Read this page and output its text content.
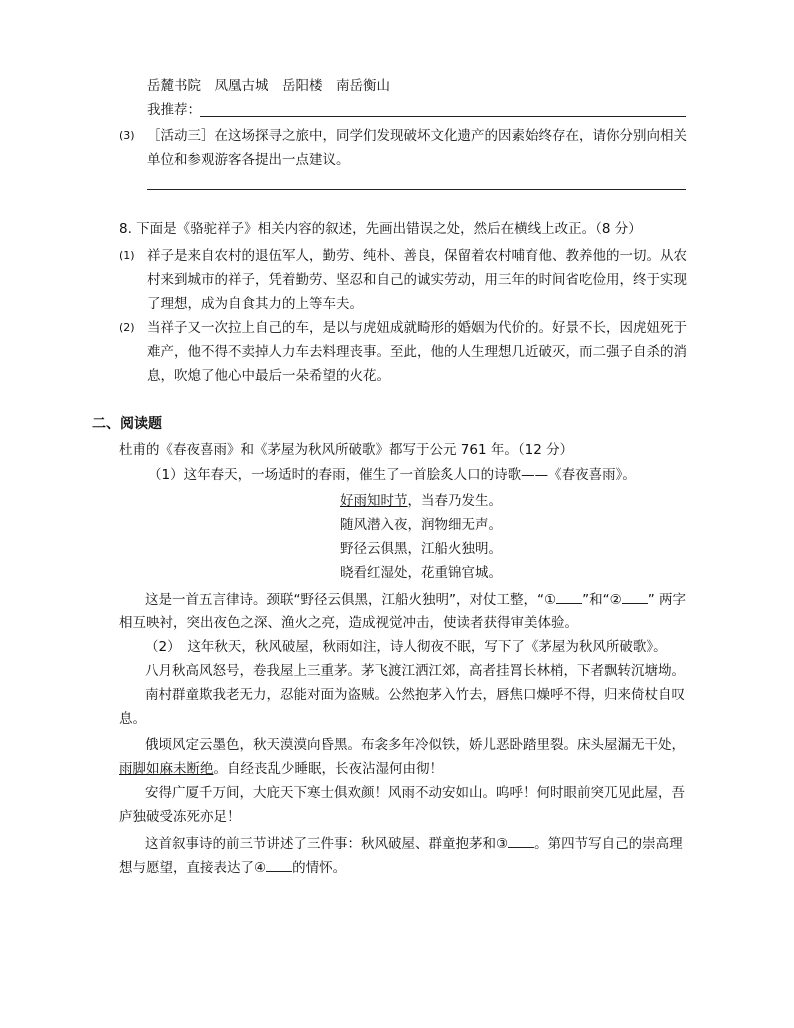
岳麓书院　凤凰古城　岳阳楼　南岳衡山
我推荐：
(3) ［活动三］在这场探寻之旅中，同学们发现破坏文化遗产的因素始终存在，请你分别向相关
单位和参观游客各提出一点建议。
8. 下面是《骆驼祥子》相关内容的叙述，先画出错误之处，然后在横线上改正。（8 分）
(1) 祥子是来自农村的退伍军人，勤劳、纯朴、善良，保留着农村哺育他、教养他的一切。从农
村来到城市的祥子，凭着勤劳、坚忍和自己的诚实劳动，用三年的时间省吃俭用，终于实现
了理想，成为自食其力的上等车夫。
(2) 当祥子又一次拉上自己的车，是以与虎妞成就畸形的婚姻为代价的。好景不长，因虎妞死于
难产，他不得不卖掉人力车去料理丧事。至此，他的人生理想几近破灭，而二强子自杀的消
息，吹熄了他心中最后一朵希望的火花。
二、阅读题
杜甫的《春夜喜雨》和《茅屋为秋风所破歌》都写于公元 761 年。（12 分）
（1）这年春天，一场适时的春雨，催生了一首脍炙人口的诗歌——《春夜喜雨》。
好雨知时节，当春乃发生。
随风潜入夜，润物细无声。
野径云俱黑，江船火独明。
晓看红湿处，花重锦官城。
这是一首五言律诗。颈联“野径云俱黑，江船火独明”，对仗工整，“① ”和“② ” 两字
相互映衬，突出夜色之深、渔火之亮，造成视觉冲击，使读者获得审美体验。
（2）　这年秋天，秋风破屋，秋雨如注，诗人彻夜不眠，写下了《茅屋为秋风所破歌》。
八月秋高风怒号，卷我屋上三重茅。茅飞渡江洒江郊，高者挂罥长林梢，下者飘转沉塘坳。
南村群童欺我老无力，忍能对面为盗贼。公然抱茅入竹去，唇焦口燥呼不得，归来倚杖自叹
息。
俄顷风定云墨色，秋天漠漠向昏黑。布衾多年冷似铁，娇儿恶卧踏里裂。床头屋漏无干处，
雨脚如麻未断绝。自经丧乱少睡眠，长夜沾湿何由彻！
安得广厦千万间，大庇天下寒士俱欢颜！风雨不动安如山。呜呼！何时眼前突兀见此屋，吾
庐独破受冻死亦足！
这首叙事诗的前三节讲述了三件事：秋风破屋、群童抱茅和③ 。第四节写自己的崇高理
想与愿望，直接表达了④ 的情怀。
